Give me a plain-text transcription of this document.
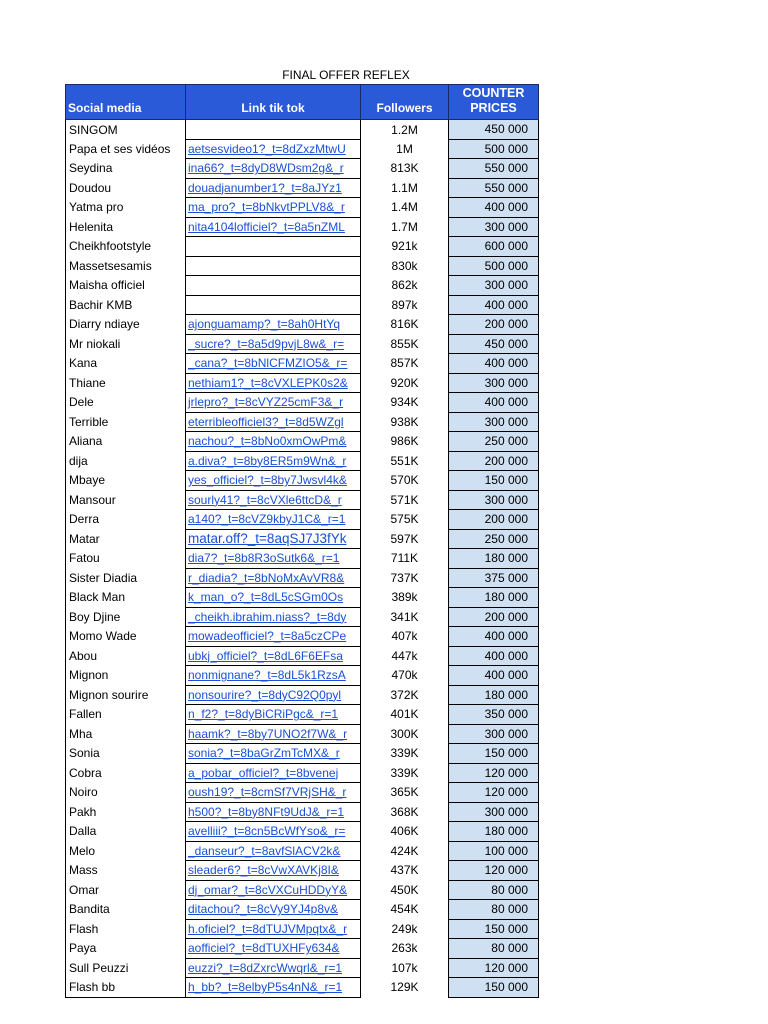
FINAL OFFER REFLEX
Social media	Link tik tok	Followers	COUNTER
PRICES
SINGOM		1.2M	450 000
Papa et ses vidéos	aetsesvideo1?_t=8dZxzMtwU	1M	500 000
Seydina	ina66?_t=8dyD8WDsm2g&_r	813K	550 000
Doudou	douadjanumber1?_t=8aJYz1	1.1M	550 000
Yatma pro	ma_pro?_t=8bNkvtPPLV8&_r	1.4M	400 000
Helenita	nita4104lofficiel?_t=8a5nZML	1.7M	300 000
Cheikhfootstyle		921k	600 000
Massetsesamis		830k	500 000
Maisha officiel		862k	300 000
Bachir KMB		897k	400 000
Diarry ndiaye	ajonguamamp?_t=8ah0HtYq	816K	200 000
Mr niokali	_sucre?_t=8a5d9pvjL8w&_r=	855K	450 000
Kana	_cana?_t=8bNlCFMZIO5&_r=	857K	400 000
Thiane	nethiam1?_t=8cVXLEPK0s2&	920K	300 000
Dele	jrlepro?_t=8cVYZ25cmF3&_r	934K	400 000
Terrible	eterribleofficiel3?_t=8d5WZgl	938K	300 000
Aliana	nachou?_t=8bNo0xmOwPm&	986K	250 000
dija	a.diva?_t=8by8ER5m9Wn&_r	551K	200 000
Mbaye	yes_officiel?_t=8by7Jwsvl4k&	570K	150 000
Mansour	sourly41?_t=8cVXle6ttcD&_r	571K	300 000
Derra	a140?_t=8cVZ9kbyJ1C&_r=1	575K	200 000
Matar	matar.off?_t=8aqSJ7J3fYk	597K	250 000
Fatou	dia7?_t=8b8R3oSutk6&_r=1	711K	180 000
Sister Diadia	r_diadia?_t=8bNoMxAvVR8&	737K	375 000
Black Man	k_man_o?_t=8dL5cSGm0Os	389k	180 000
Boy Djine	_cheikh.ibrahim.niass?_t=8dy	341K	200 000
Momo Wade	mowadeofficiel?_t=8a5czCPe	407k	400 000
Abou	ubkj_officiel?_t=8dL6F6EFsa	447k	400 000
Mignon	nonmignane?_t=8dL5k1RzsA	470k	400 000
Mignon sourire	nonsourire?_t=8dyC92Q0pyl	372K	180 000
Fallen	n_f2?_t=8dyBiCRiPgc&_r=1	401K	350 000
Mha	haamk?_t=8by7UNO2f7W&_r	300K	300 000
Sonia	sonia?_t=8baGrZmTcMX&_r	339K	150 000
Cobra	a_pobar_officiel?_t=8bvenej	339K	120 000
Noiro	oush19?_t=8cmSf7VRjSH&_r	365K	120 000
Pakh	h500?_t=8by8NFt9UdJ&_r=1	368K	300 000
Dalla	avelliii?_t=8cn5BcWfYso&_r=	406K	180 000
Melo	_danseur?_t=8avfSlACV2k&	424K	100 000
Mass	sleader6?_t=8cVwXAVKj8I&	437K	120 000
Omar	dj_omar?_t=8cVXCuHDDyY&	450K	80 000
Bandita	ditachou?_t=8cVy9YJ4p8v&	454K	80 000
Flash	h.oficiel?_t=8dTUJVMpqtx&_r	249k	150 000
Paya	aofficiel?_t=8dTUXHFy634&	263k	80 000
Sull Peuzzi	euzzi?_t=8dZxrcWwqrl&_r=1	107k	120 000
Flash bb	h_bb?_t=8elbyP5s4nN&_r=1	129K	150 000
